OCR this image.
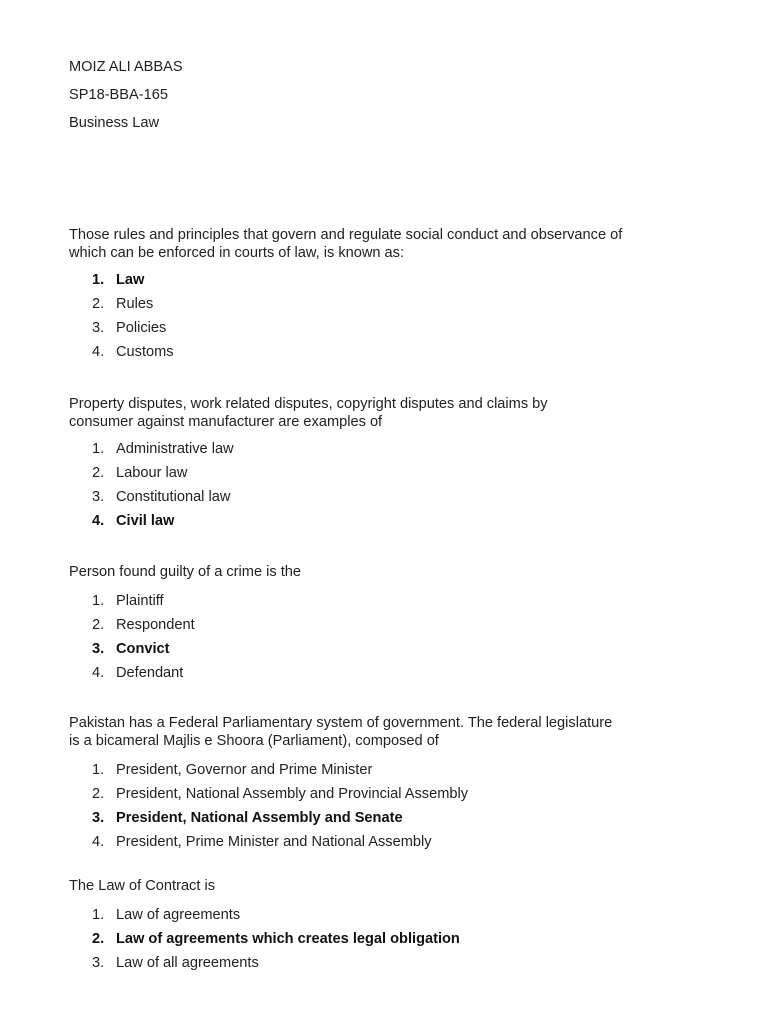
MOIZ ALI ABBAS
SP18-BBA-165
Business Law
Those rules and principles that govern and regulate social conduct and observance of
which can be enforced in courts of law, is known as:
1. Law
2. Rules
3. Policies
4. Customs
Property disputes, work related disputes, copyright disputes and claims by
consumer against manufacturer are examples of
1. Administrative law
2. Labour law
3. Constitutional law
4. Civil law
Person found guilty of a crime is the
1. Plaintiff
2. Respondent
3. Convict
4. Defendant
Pakistan has a Federal Parliamentary system of government. The federal legislature
is a bicameral Majlis e Shoora (Parliament), composed of
1. President, Governor and Prime Minister
2. President, National Assembly and Provincial Assembly
3. President, National Assembly and Senate
4. President, Prime Minister and National Assembly
The Law of Contract is
1. Law of agreements
2. Law of agreements which creates legal obligation
3. Law of all agreements
